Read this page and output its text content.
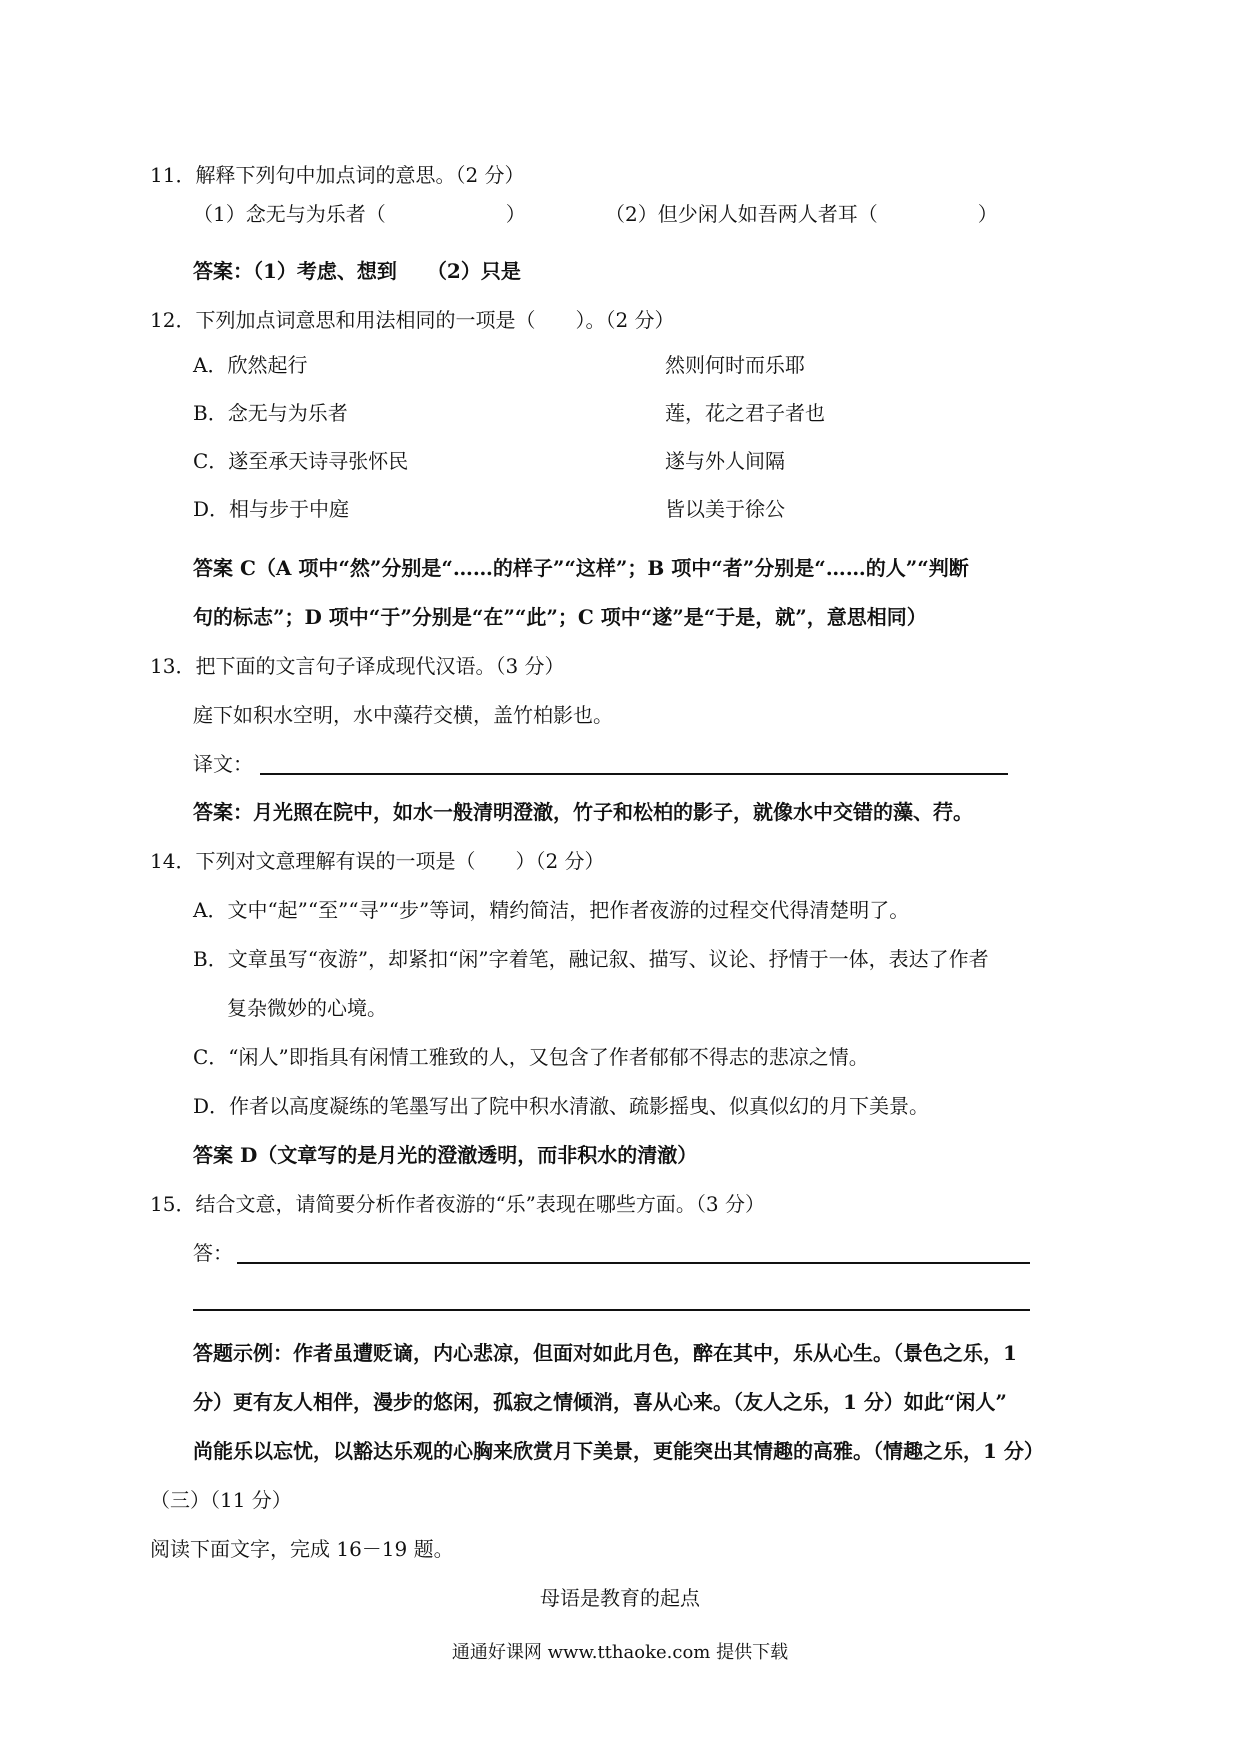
11．解释下列句中加点词的意思。（2 分）
（1）念无与为乐者（　　　　　　）	（2）但少闲人如吾两人者耳（　　　　　）
答案：（1）考虑、想到　　（2）只是
12．下列加点词意思和用法相同的一项是（　　）。（2 分）
A．欣然起行	然则何时而乐耶
B．念无与为乐者	莲，花之君子者也
C．遂至承天诗寻张怀民	遂与外人间隔
D．相与步于中庭	皆以美于徐公
答案 C（A 项中“然”分别是“……的样子”“这样”；B 项中“者”分别是“……的人”“判断
句的标志”；D 项中“于”分别是“在”“此”；C 项中“遂”是“于是，就”，意思相同）
13．把下面的文言句子译成现代汉语。（3 分）
庭下如积水空明，水中藻荇交横，盖竹柏影也。
译文：
答案：月光照在院中，如水一般清明澄澈，竹子和松柏的影子，就像水中交错的藻、荇。
14．下列对文意理解有误的一项是（　　）（2 分）
A．文中“起”“至”“寻”“步”等词，精约简洁，把作者夜游的过程交代得清楚明了。
B．文章虽写“夜游”，却紧扣“闲”字着笔，融记叙、描写、议论、抒情于一体，表达了作者
复杂微妙的心境。
C．“闲人”即指具有闲情工雅致的人，又包含了作者郁郁不得志的悲凉之情。
D．作者以高度凝练的笔墨写出了院中积水清澈、疏影摇曳、似真似幻的月下美景。
答案 D（文章写的是月光的澄澈透明，而非积水的清澈）
15．结合文意，请简要分析作者夜游的“乐”表现在哪些方面。（3 分）
答：
答题示例：作者虽遭贬谪，内心悲凉，但面对如此月色，醉在其中，乐从心生。（景色之乐，1
分）更有友人相伴，漫步的悠闲，孤寂之情倾消，喜从心来。（友人之乐，1 分）如此“闲人”
尚能乐以忘忧，以豁达乐观的心胸来欣赏月下美景，更能突出其情趣的高雅。（情趣之乐，1 分）
（三）（11 分）
阅读下面文字，完成 16－19 题。
母语是教育的起点
通通好课网 www.tthaoke.com 提供下载
